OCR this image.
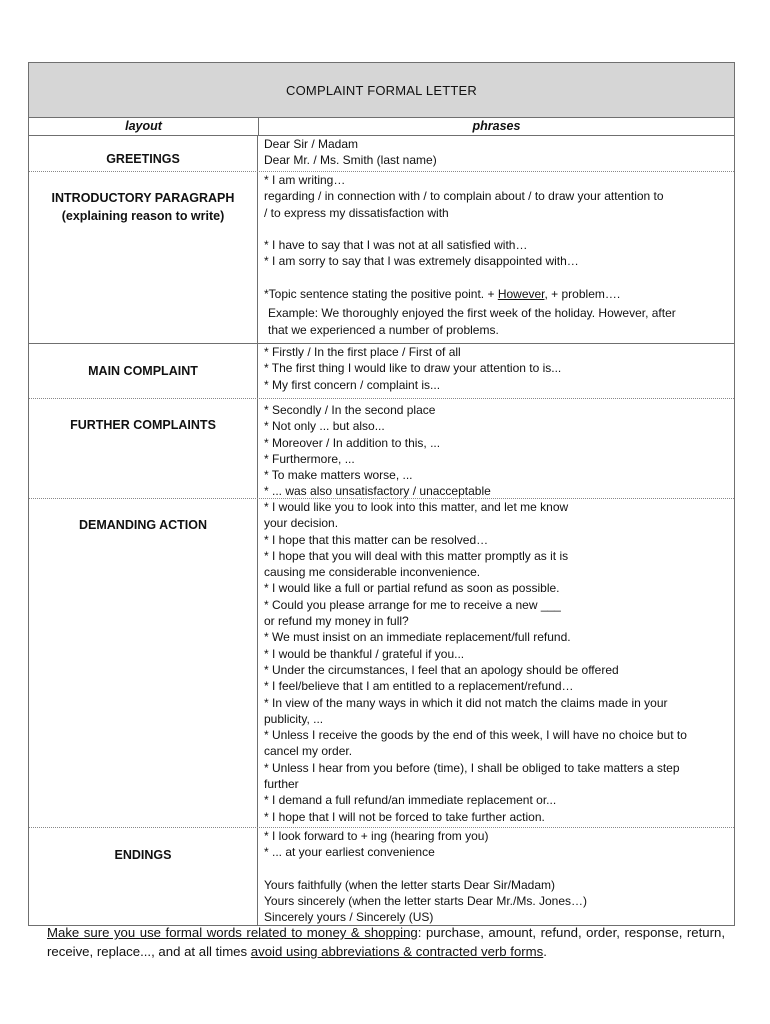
COMPLAINT FORMAL LETTER
layout	phrases
GREETINGS
Dear Sir / Madam
Dear Mr. / Ms. Smith (last name)
INTRODUCTORY PARAGRAPH
(explaining reason to write)
* I am writing…
regarding / in connection with / to complain about / to draw your attention to
/ to express my dissatisfaction with
* I have to say that I was not at all satisfied with…
* I am sorry to say that I was extremely disappointed with…
*Topic sentence stating the positive point. + However, + problem….
Example: We thoroughly enjoyed the first week of the holiday. However, after
that we experienced a number of problems.
MAIN COMPLAINT
* Firstly / In the first place / First of all
* The first thing I would like to draw your attention to is...
* My first concern / complaint is...
FURTHER COMPLAINTS
* Secondly / In the second place
* Not only ... but also...
* Moreover / In addition to this, ...
* Furthermore, ...
* To make matters worse, ...
* ... was also unsatisfactory / unacceptable
DEMANDING ACTION
* I would like you to look into this matter, and let me know
your decision.
* I hope that this matter can be resolved…
* I hope that you will deal with this matter promptly as it is
causing me considerable inconvenience.
* I would like a full or partial refund as soon as possible.
* Could you please arrange for me to receive a new ___
or refund my money in full?
* We must insist on an immediate replacement/full refund.
* I would be thankful / grateful if you...
* Under the circumstances, I feel that an apology should be offered
* I feel/believe that I am entitled to a replacement/refund…
* In view of the many ways in which it did not match the claims made in your
publicity, ...
* Unless I receive the goods by the end of this week, I will have no choice but to
cancel my order.
* Unless I hear from you before (time), I shall be obliged to take matters a step
further
* I demand a full refund/an immediate replacement or...
* I hope that I will not be forced to take further action.
ENDINGS
* I look forward to + ing (hearing from you)
* ... at your earliest convenience
Yours faithfully (when the letter starts Dear Sir/Madam)
Yours sincerely (when the letter starts Dear Mr./Ms. Jones…)
Sincerely yours / Sincerely (US)
Make sure you use formal words related to money & shopping: purchase, amount, refund, order, response, return, receive, replace..., and at all times avoid using abbreviations & contracted verb forms.
